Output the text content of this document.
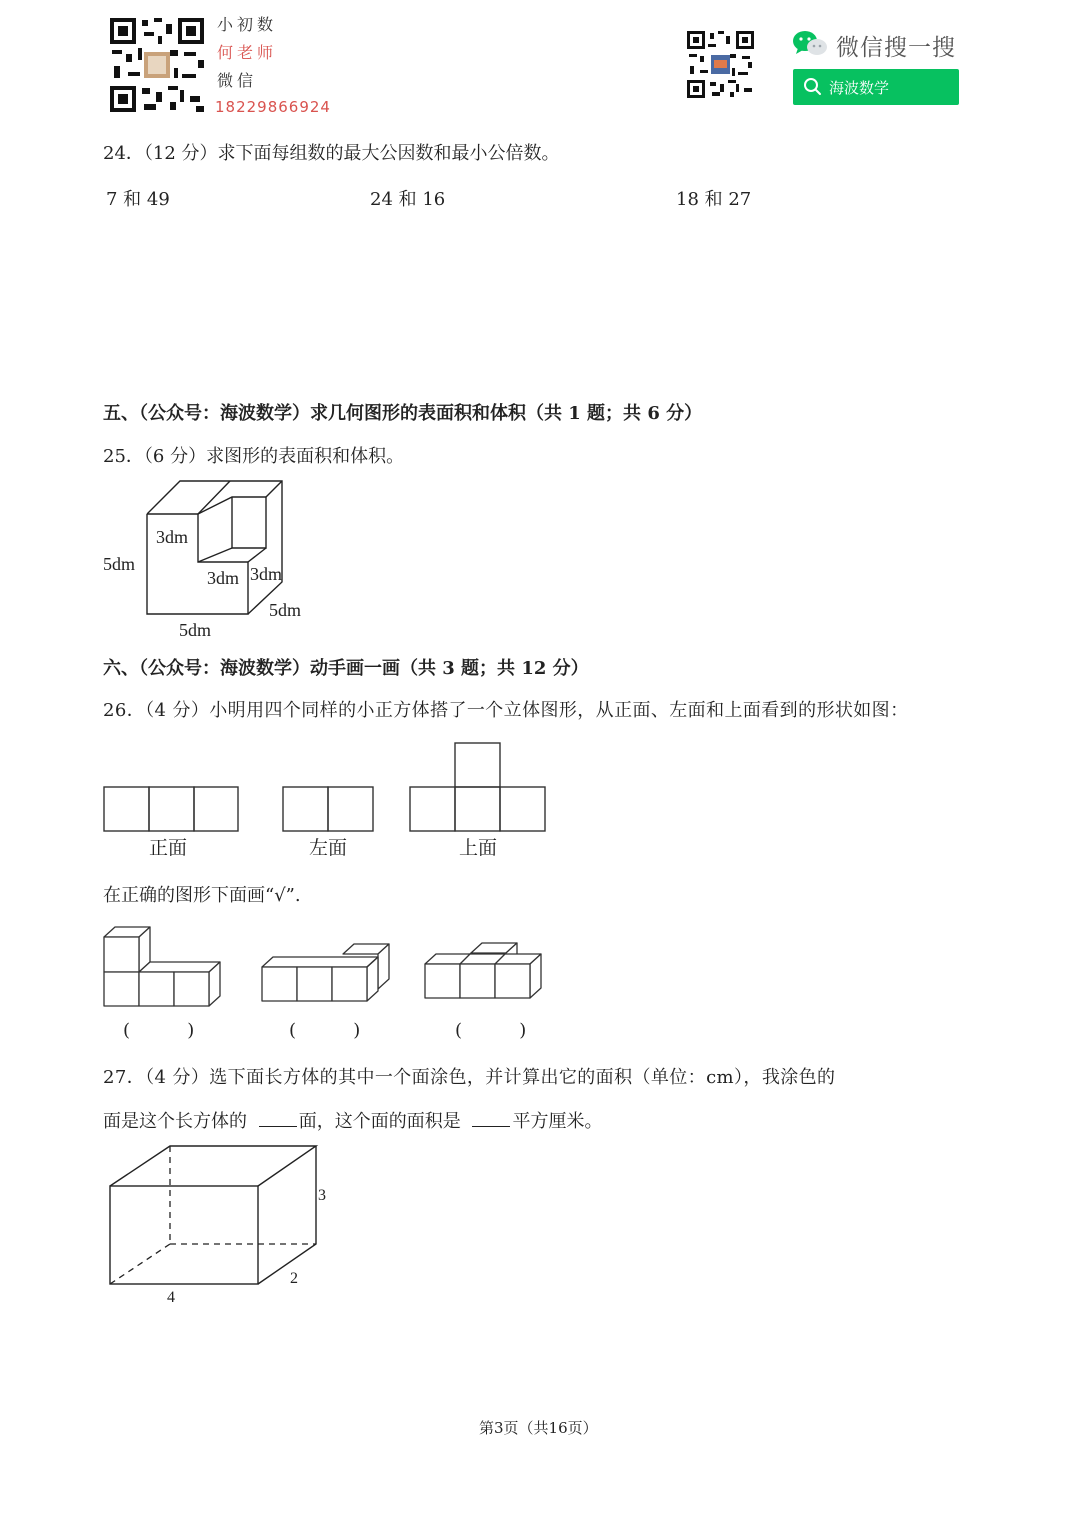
小初数
何老师
微信
18229866924
微信搜一搜
海波数学
24．（12 分）求下面每组数的最大公因数和最小公倍数。
7 和 49	24 和 16	18 和 27
五、（公众号：海波数学）求几何图形的表面积和体积（共 1 题；共 6 分）
25．（6 分）求图形的表面积和体积。
3dm
5dm
3dm 3dm
5dm
5dm
六、（公众号：海波数学）动手画一画（共 3 题；共 12 分）
26．（4 分）小明用四个同样的小正方体搭了一个立体图形，从正面、左面和上面看到的形状如图：
正面	左面	上面
在正确的图形下面画“√”.
(          )	(          )	(          )
27．（4 分）选下面长方体的其中一个面涂色，并计算出它的面积（单位：cm），我涂色的
面是这个长方体的	面，这个面的面积是	平方厘米。
3
2
4
第3页（共16页）
